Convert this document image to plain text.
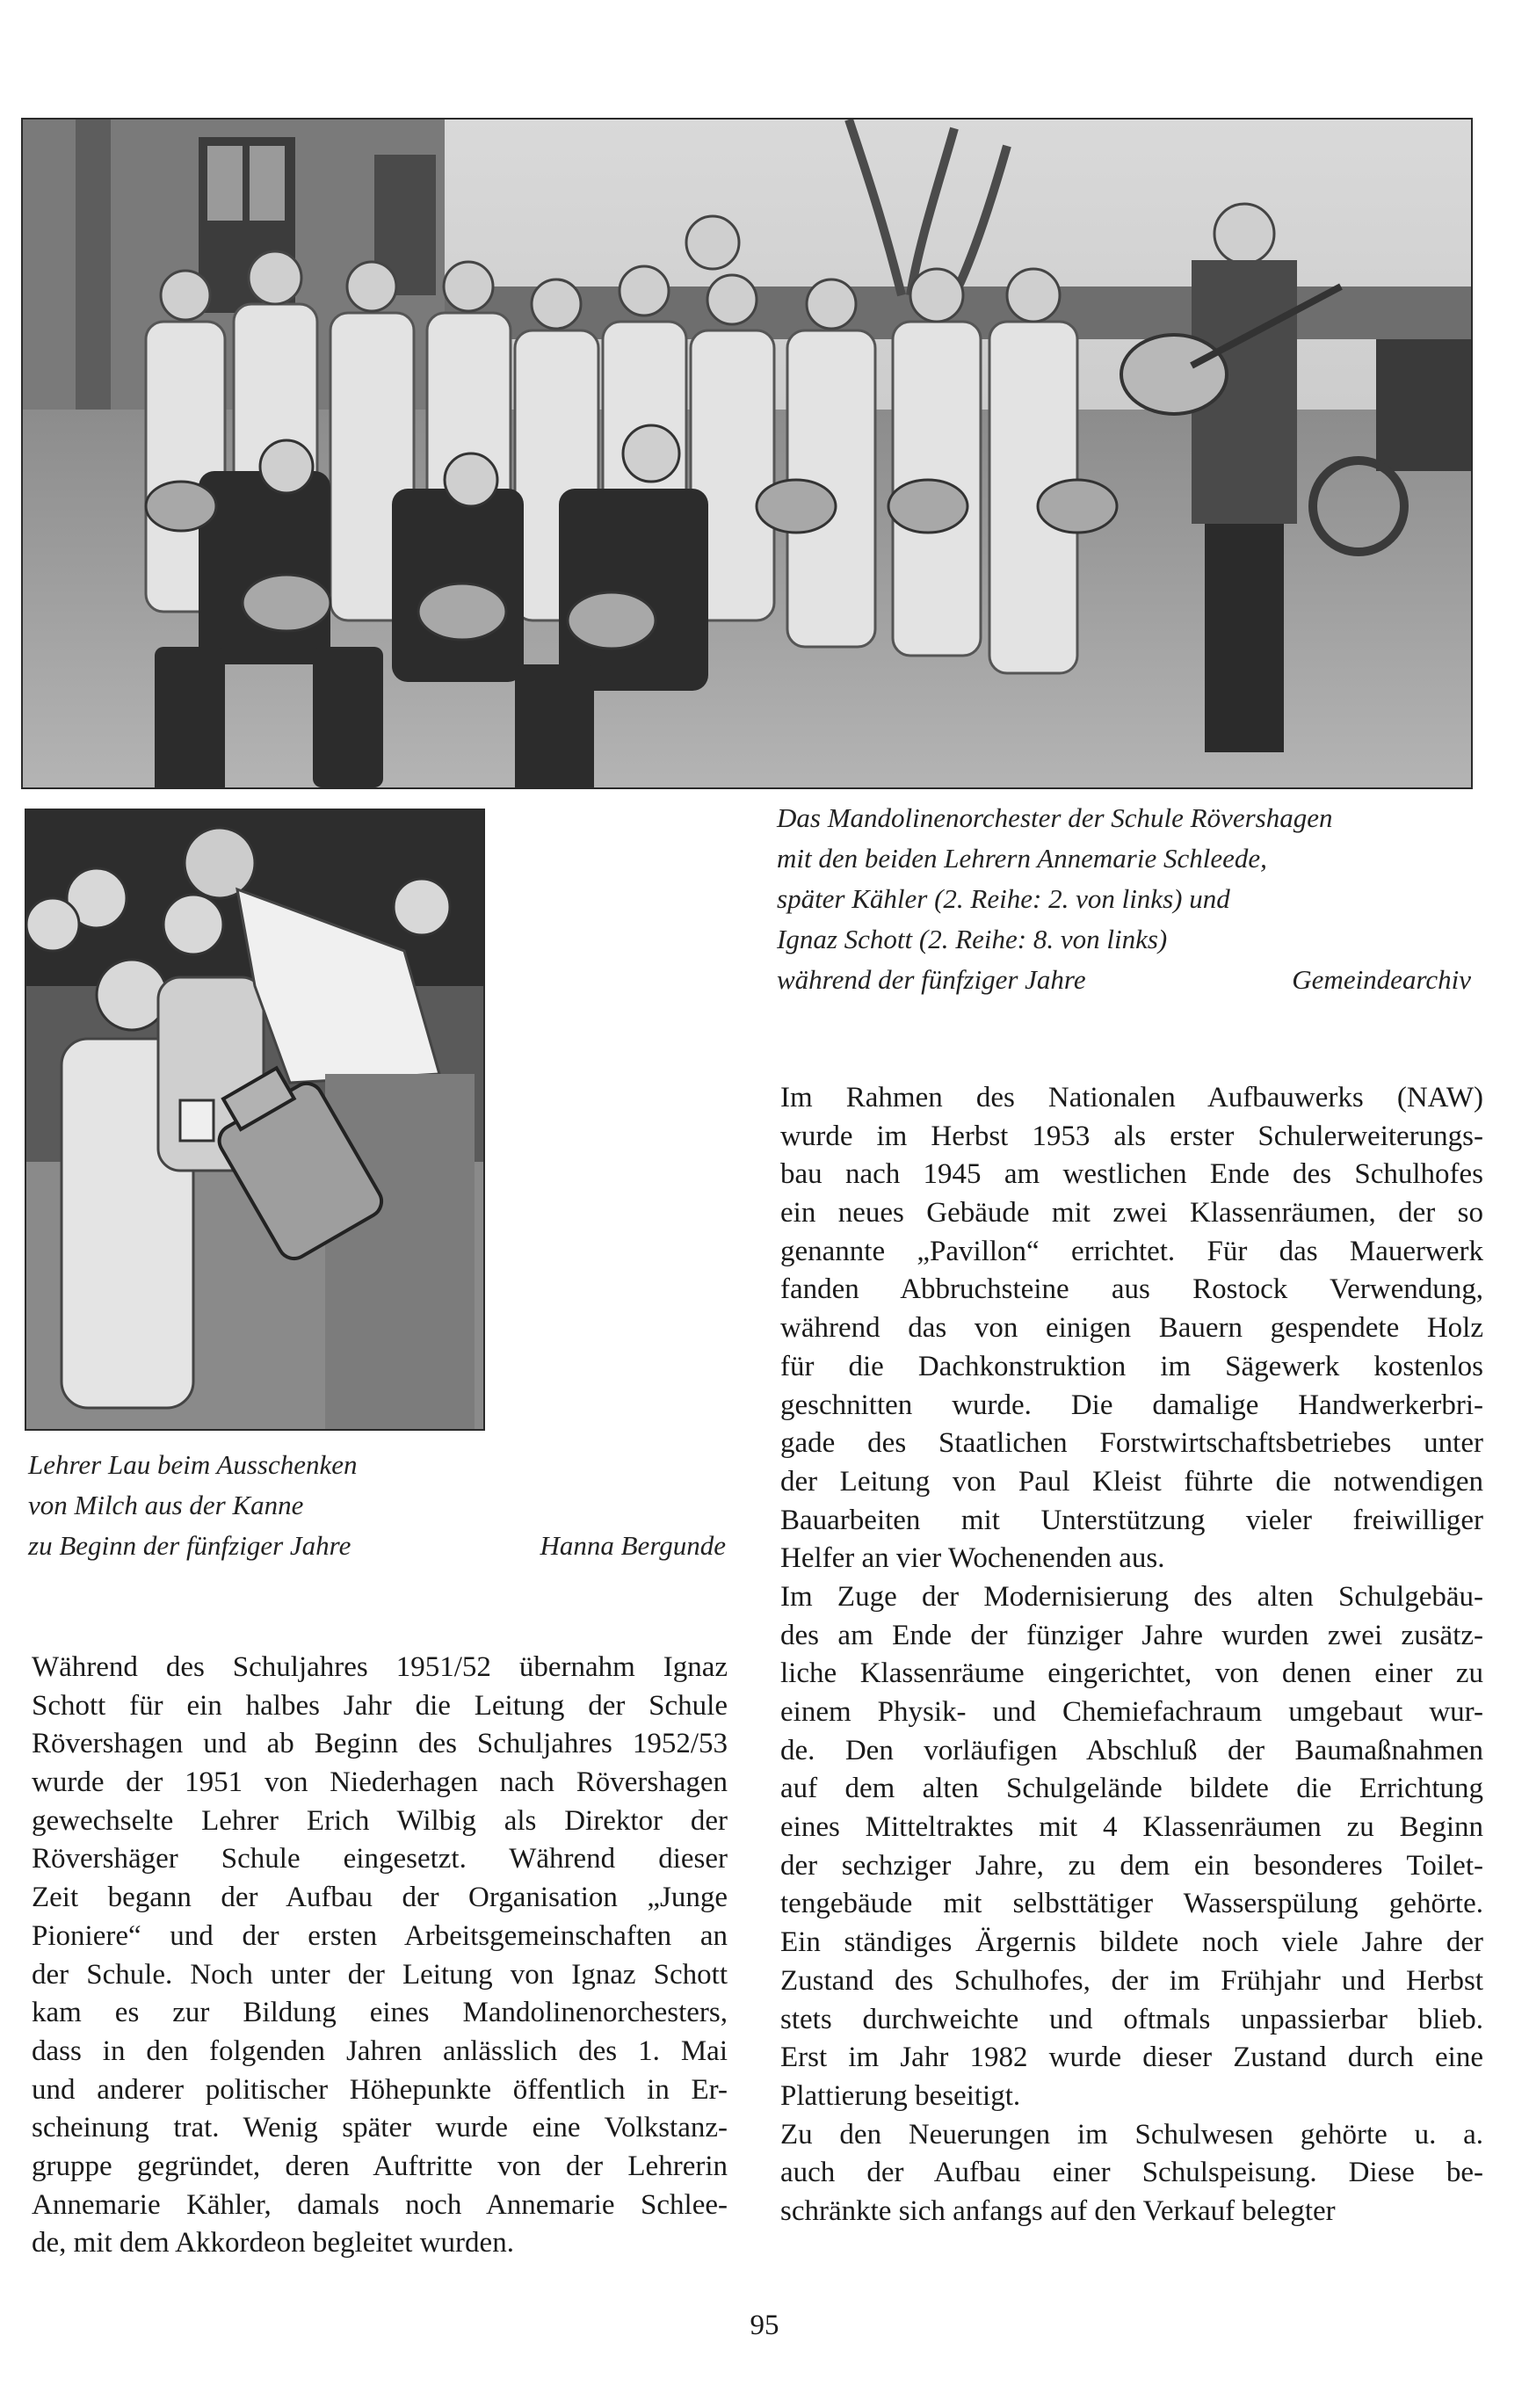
Das Mandolinenorchester der Schule Rövershagen

mit den beiden Lehrern Annemarie Schleede,

später Kähler (2. Reihe: 2. von links) und

Ignaz Schott (2. Reihe: 8. von links)

während der fünfziger Jahre	Gemeindearchiv

Lehrer Lau beim Ausschenken

von Milch aus der Kanne

zu Beginn der fünfziger Jahre	Hanna Bergunde
Während des Schuljahres 1951/52 übernahm Ignaz
Schott für ein halbes Jahr die Leitung der Schule
Rövershagen und ab Beginn des Schuljahres 1952/53
wurde der 1951 von Niederhagen nach Rövershagen
gewechselte Lehrer Erich Wilbig als Direktor der
Rövershäger Schule eingesetzt. Während dieser
Zeit begann der Aufbau der Organisation „Junge
Pioniere“ und der ersten Arbeitsgemeinschaften an
der Schule. Noch unter der Leitung von Ignaz Schott
kam es zur Bildung eines Mandolinenorchesters,
dass in den folgenden Jahren anlässlich des 1. Mai
und anderer politischer Höhepunkte öffentlich in Er-
scheinung trat. Wenig später wurde eine Volkstanz-
gruppe gegründet, deren Auftritte von der Lehrerin
Annemarie Kähler, damals noch Annemarie Schlee-
de, mit dem Akkordeon begleitet wurden.
Im Rahmen des Nationalen Aufbauwerks (NAW)
wurde im Herbst 1953 als erster Schulerweiterungs-
bau nach 1945 am westlichen Ende des Schulhofes
ein neues Gebäude mit zwei Klassenräumen, der so
genannte „Pavillon“ errichtet. Für das Mauerwerk
fanden Abbruchsteine aus Rostock Verwendung,
während das von einigen Bauern gespendete Holz
für die Dachkonstruktion im Sägewerk kostenlos
geschnitten wurde. Die damalige Handwerkerbri-
gade des Staatlichen Forstwirtschaftsbetriebes unter
der Leitung von Paul Kleist führte die notwendigen
Bauarbeiten mit Unterstützung vieler freiwilliger
Helfer an vier Wochenenden aus.
Im Zuge der Modernisierung des alten Schulgebäu-
des am Ende der fünziger Jahre wurden zwei zusätz-
liche Klassenräume eingerichtet, von denen einer zu
einem Physik- und Chemiefachraum umgebaut wur-
de. Den vorläufigen Abschluß der Baumaßnahmen
auf dem alten Schulgelände bildete die Errichtung
eines Mitteltraktes mit 4 Klassenräumen zu Beginn
der sechziger Jahre, zu dem ein besonderes Toilet-
tengebäude mit selbsttätiger Wasserspülung gehörte.
Ein ständiges Ärgernis bildete noch viele Jahre der
Zustand des Schulhofes, der im Frühjahr und Herbst
stets durchweichte und oftmals unpassierbar blieb.
Erst im Jahr 1982 wurde dieser Zustand durch eine
Plattierung beseitigt.
Zu den Neuerungen im Schulwesen gehörte u. a.
auch der Aufbau einer Schulspeisung. Diese be-
schränkte sich anfangs auf den Verkauf belegter
95
